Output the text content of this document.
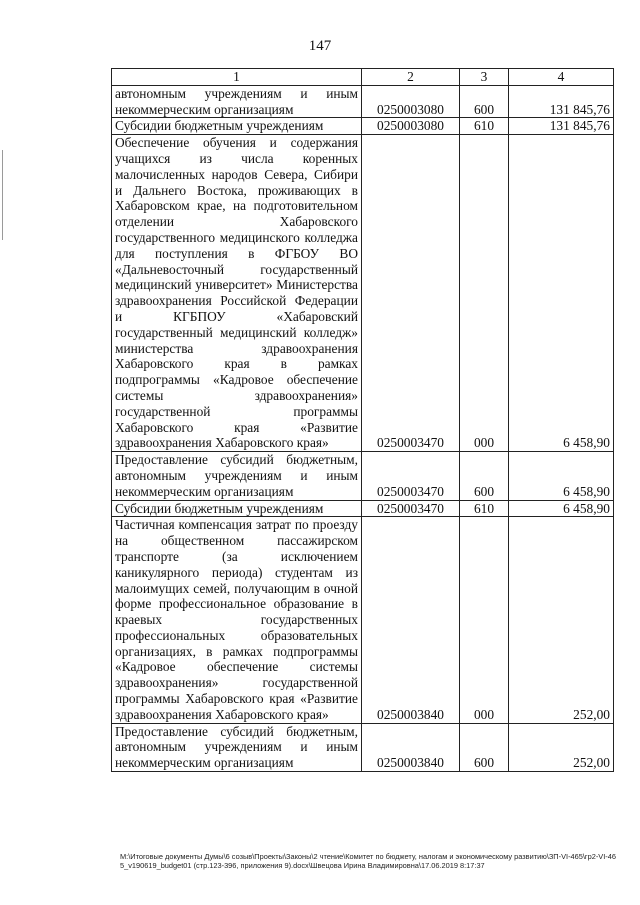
147
1	2	3	4
автономным учреждениям и иным некоммерческим организациям	0250003080	600	131 845,76
Субсидии бюджетным учреждениям	0250003080	610	131 845,76
Обеспечение обучения и содержания учащихся из числа коренных малочисленных народов Севера, Сибири и Дальнего Востока, проживающих в Хабаровском крае, на подготовительном отделении Хабаровского государственного медицинского колледжа для поступления в ФГБОУ ВО «Дальневосточный государственный медицинский университет» Министерства здравоохранения Российской Федерации и КГБПОУ «Хабаровский государственный медицинский колледж» министерства здравоохранения Хабаровского края в рамках подпрограммы «Кадровое обеспечение системы здравоохранения» государственной программы Хабаровского края «Развитие здравоохранения Хабаровского края»	0250003470	000	6 458,90
Предоставление субсидий бюджетным, автономным учреждениям и иным некоммерческим организациям	0250003470	600	6 458,90
Субсидии бюджетным учреждениям	0250003470	610	6 458,90
Частичная компенсация затрат по проезду на общественном пассажирском транспорте (за исключением каникулярного периода) студентам из малоимущих семей, получающим в очной форме профессиональное образование в краевых государственных профессиональных образовательных организациях, в рамках подпрограммы «Кадровое обеспечение системы здравоохранения» государственной программы Хабаровского края «Развитие здравоохранения Хабаровского края»	0250003840	000	252,00
Предоставление субсидий бюджетным, автономным учреждениям и иным некоммерческим организациям	0250003840	600	252,00
М:\Итоговые документы Думы\6 созыв\Проекты\Законы\2 чтение\Комитет по бюджету, налогам и экономическому развитию\ЗП-VI-465\гр2-VI-465_v190619_budget01 (стр.123-396, приложения 9).docx\Швецова Ирина Владимировна\17.06.2019 8:17:37
